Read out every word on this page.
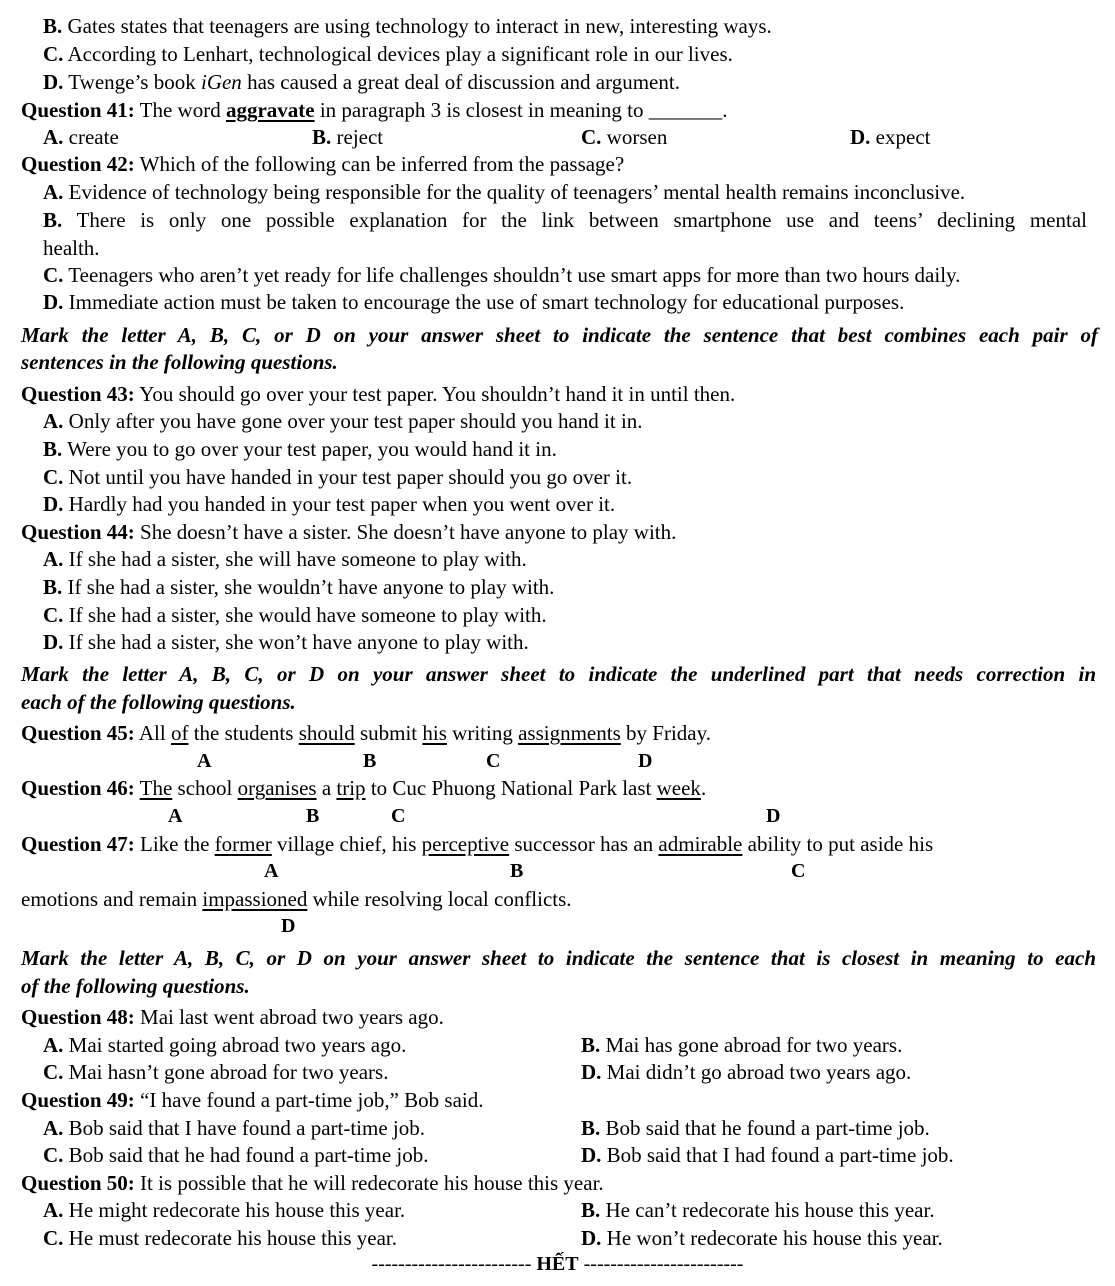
B. Gates states that teenagers are using technology to interact in new, interesting ways.
C. According to Lenhart, technological devices play a significant role in our lives.
D. Twenge’s book iGen has caused a great deal of discussion and argument.
Question 41: The word aggravate in paragraph 3 is closest in meaning to _______.
A. create	B. reject	C. worsen	D. expect
Question 42: Which of the following can be inferred from the passage?
A. Evidence of technology being responsible for the quality of teenagers’ mental health remains inconclusive.
B. There is only one possible explanation for the link between smartphone use and teens’ declining mental
health.
C. Teenagers who aren’t yet ready for life challenges shouldn’t use smart apps for more than two hours daily.
D. Immediate action must be taken to encourage the use of smart technology for educational purposes.
Mark the letter A, B, C, or D on your answer sheet to indicate the sentence that best combines each pair of
sentences in the following questions.
Question 43: You should go over your test paper. You shouldn’t hand it in until then.
A. Only after you have gone over your test paper should you hand it in.
B. Were you to go over your test paper, you would hand it in.
C. Not until you have handed in your test paper should you go over it.
D. Hardly had you handed in your test paper when you went over it.
Question 44: She doesn’t have a sister. She doesn’t have anyone to play with.
A. If she had a sister, she will have someone to play with.
B. If she had a sister, she wouldn’t have anyone to play with.
C. If she had a sister, she would have someone to play with.
D. If she had a sister, she won’t have anyone to play with.
Mark the letter A, B, C, or D on your answer sheet to indicate the underlined part that needs correction in
each of the following questions.
Question 45: All of the students should submit his writing assignments by Friday.
A	B	C	D
Question 46: The school organises a trip to Cuc Phuong National Park last week.
A	B	C	D
Question 47: Like the former village chief, his perceptive successor has an admirable ability to put aside his
A	B	C
emotions and remain impassioned while resolving local conflicts.
D
Mark the letter A, B, C, or D on your answer sheet to indicate the sentence that is closest in meaning to each
of the following questions.
Question 48: Mai last went abroad two years ago.
A. Mai started going abroad two years ago.	B. Mai has gone abroad for two years.
C. Mai hasn’t gone abroad for two years.	D. Mai didn’t go abroad two years ago.
Question 49: “I have found a part-time job,” Bob said.
A. Bob said that I have found a part-time job.	B. Bob said that he found a part-time job.
C. Bob said that he had found a part-time job.	D. Bob said that I had found a part-time job.
Question 50: It is possible that he will redecorate his house this year.
A. He might redecorate his house this year.	B. He can’t redecorate his house this year.
C. He must redecorate his house this year.	D. He won’t redecorate his house this year.
------------------------ HẾT ------------------------
